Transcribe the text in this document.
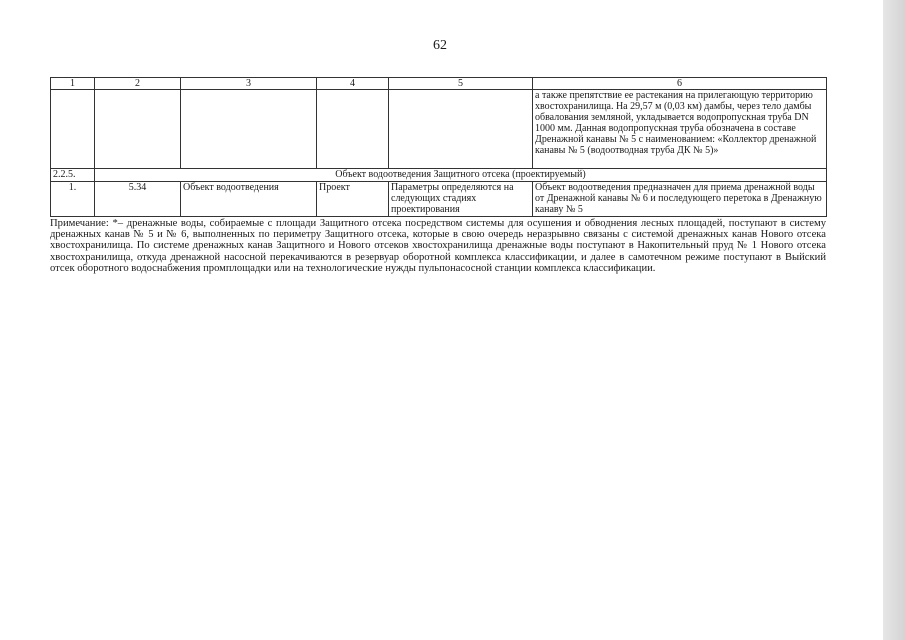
62
1	2	3	4	5	6
					а также препятствие ее растекания на прилегающую территорию хвостохранилища. На 29,57 м (0,03 км) дамбы, через тело дамбы обвалования земляной, укладывается водопропускная труба DN 1000 мм. Данная водопропускная труба обозначена в составе Дренажной канавы № 5 с наименованием: «Коллектор дренажной канавы № 5 (водоотводная труба ДК № 5)»
2.2.5.	Объект водоотведения Защитного отсека (проектируемый)				
1.	5.34	Объект водоотведения	Проект	Параметры определяются на следующих стадиях проектирования	Объект водоотведения предназначен для приема дренажной воды от Дренажной канавы № 6 и последующего перетока в Дренажную канаву № 5
Примечание: *– дренажные воды, собираемые с площади Защитного отсека посредством системы для осушения и обводнения лесных площадей, поступают в систему дренажных канав № 5 и № 6, выполненных по периметру Защитного отсека, которые в свою очередь неразрывно связаны с системой дренажных канав Нового отсека хвостохранилища. По системе дренажных канав Защитного и Нового отсеков хвостохранилища дренажные воды поступают в Накопительный пруд № 1 Нового отсека хвостохранилища, откуда дренажной насосной перекачиваются в резервуар оборотной комплекса классификации, и далее в самотечном режиме поступают в Выйский отсек оборотного водоснабжения промплощадки или на технологические нужды пульпонасосной станции комплекса классификации.
